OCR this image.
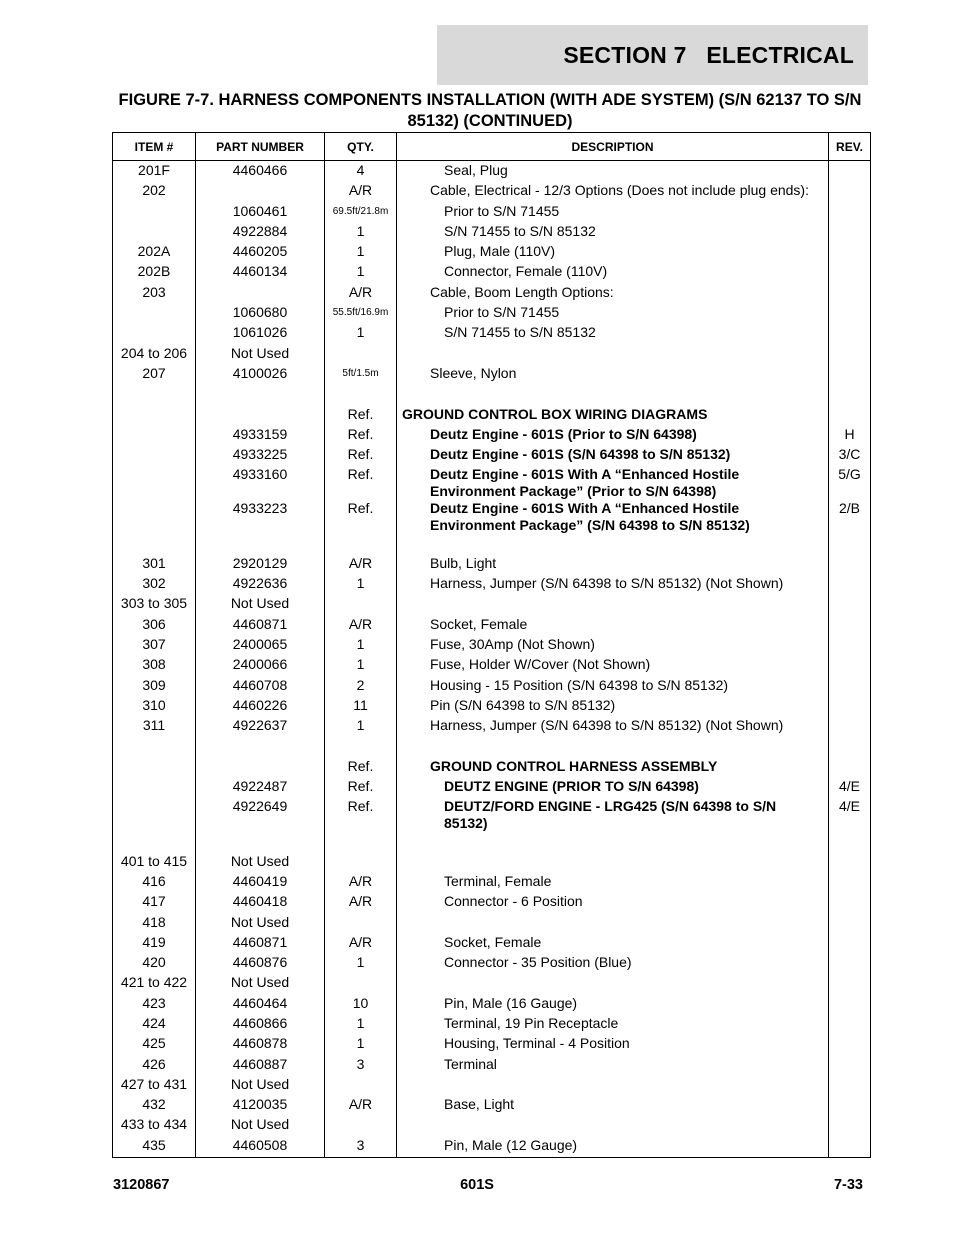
SECTION 7   ELECTRICAL
FIGURE 7-7. HARNESS COMPONENTS INSTALLATION (WITH ADE SYSTEM) (S/N 62137 TO S/N 85132) (CONTINUED)
ITEM #	PART NUMBER	QTY.	DESCRIPTION	REV.
201F	4460466	4	Seal, Plug	
202		A/R	Cable, Electrical - 12/3 Options (Does not include plug ends):	
	1060461	69.5ft/21.8m	Prior to S/N 71455	
	4922884	1	S/N 71455 to S/N 85132	
202A	4460205	1	Plug, Male (110V)	
202B	4460134	1	Connector, Female (110V)	
203		A/R	Cable, Boom Length Options:	
	1060680	55.5ft/16.9m	Prior to S/N 71455	
	1061026	1	S/N 71455 to S/N 85132	
204 to 206	Not Used			
207	4100026	5ft/1.5m	Sleeve, Nylon	

		Ref.	GROUND CONTROL BOX WIRING DIAGRAMS	
	4933159	Ref.	Deutz Engine - 601S (Prior to S/N 64398)	H
	4933225	Ref.	Deutz Engine - 601S (S/N 64398 to S/N 85132)	3/C
	4933160	Ref.	Deutz Engine - 601S With A “Enhanced Hostile Environment Package” (Prior to S/N 64398)	5/G
	4933223	Ref.	Deutz Engine - 601S With A “Enhanced Hostile Environment Package” (S/N 64398 to S/N 85132)	2/B

301	2920129	A/R	Bulb, Light	
302	4922636	1	Harness, Jumper (S/N 64398 to S/N 85132) (Not Shown)	
303 to 305	Not Used			
306	4460871	A/R	Socket, Female	
307	2400065	1	Fuse, 30Amp (Not Shown)	
308	2400066	1	Fuse, Holder W/Cover (Not Shown)	
309	4460708	2	Housing - 15 Position (S/N 64398 to S/N 85132)	
310	4460226	11	Pin (S/N 64398 to S/N 85132)	
311	4922637	1	Harness, Jumper (S/N 64398 to S/N 85132) (Not Shown)	

		Ref.	GROUND CONTROL HARNESS ASSEMBLY	
	4922487	Ref.	DEUTZ ENGINE (PRIOR TO S/N 64398)	4/E
	4922649	Ref.	DEUTZ/FORD ENGINE - LRG425 (S/N 64398 to S/N 85132)	4/E

401 to 415	Not Used			
416	4460419	A/R	Terminal, Female	
417	4460418	A/R	Connector - 6 Position	
418	Not Used			
419	4460871	A/R	Socket, Female	
420	4460876	1	Connector - 35 Position (Blue)	
421 to 422	Not Used			
423	4460464	10	Pin, Male (16 Gauge)	
424	4460866	1	Terminal, 19 Pin Receptacle	
425	4460878	1	Housing, Terminal - 4 Position	
426	4460887	3	Terminal	
427 to 431	Not Used			
432	4120035	A/R	Base, Light	
433 to 434	Not Used			
435	4460508	3	Pin, Male (12 Gauge)	
3120867	601S	7-33
